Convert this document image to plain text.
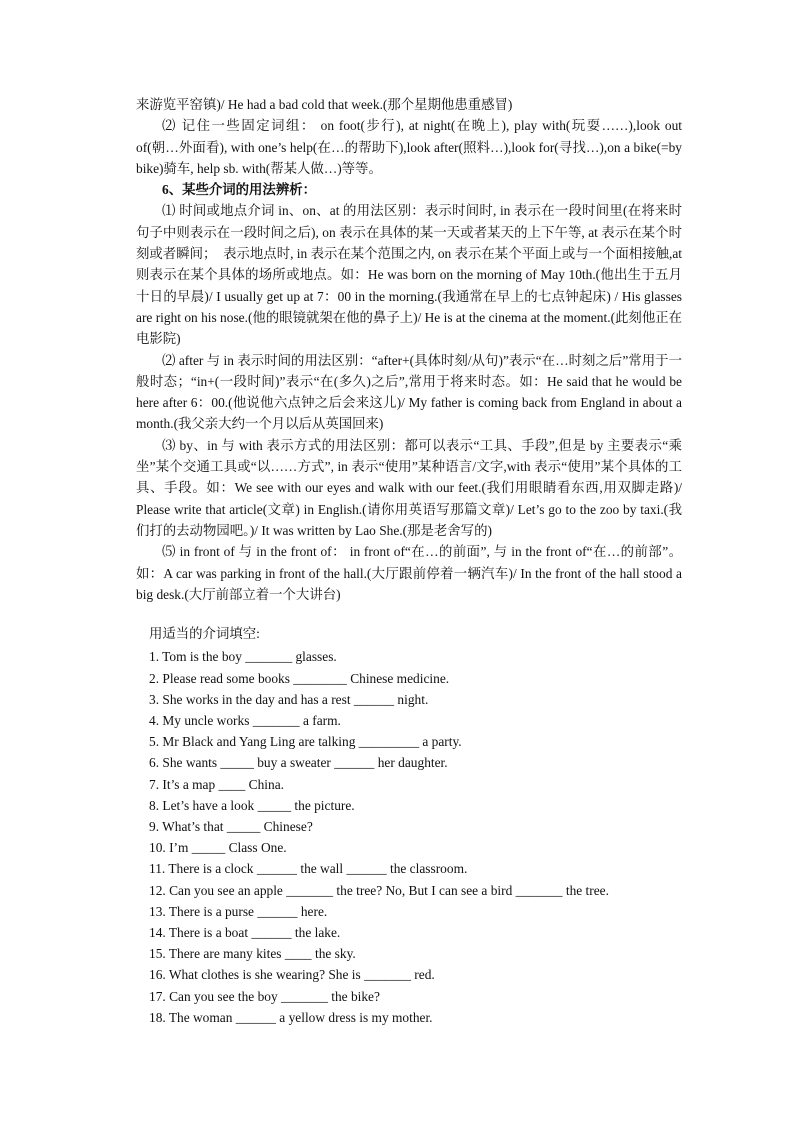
来游览平窑镇)/ He had a bad cold that week.(那个星期他患重感冒)

⑵ 记住一些固定词组： on foot(步行), at night(在晚上), play with(玩耍……),look out of(朝…外面看), with one’s help(在…的帮助下),look after(照料…),look for(寻找…),on a bike(=by bike)骑车, help sb. with(帮某人做…)等等。

6、某些介词的用法辨析：

⑴ 时间或地点介词 in、on、at 的用法区别：表示时间时, in 表示在一段时间里(在将来时句子中则表示在一段时间之后), on 表示在具体的某一天或者某天的上下午等, at 表示在某个时刻或者瞬间；　表示地点时, in 表示在某个范围之内, on 表示在某个平面上或与一个面相接触,at 则表示在某个具体的场所或地点。如：He was born on the morning of May 10th.(他出生于五月十日的早晨)/ I usually get up at 7：00 in the morning.(我通常在早上的七点钟起床) / His glasses are right on his nose.(他的眼镜就架在他的鼻子上)/ He is at the cinema at the moment.(此刻他正在电影院)

⑵ after 与 in 表示时间的用法区别：“after+(具体时刻/从句)”表示“在…时刻之后”常用于一般时态；“in+(一段时间)”表示“在(多久)之后”,常用于将来时态。如：He said that he would be here after 6：00.(他说他六点钟之后会来这儿)/ My father is coming back from England in about a month.(我父亲大约一个月以后从英国回来)

⑶ by、in 与 with 表示方式的用法区别：都可以表示“工具、手段”,但是 by 主要表示“乘坐”某个交通工具或“以……方式”, in 表示“使用”某种语言/文字,with 表示“使用”某个具体的工具、手段。如：We see with our eyes and walk with our feet.(我们用眼睛看东西,用双脚走路)/ Please write that article(文章) in English.(请你用英语写那篇文章)/ Let’s go to the zoo by taxi.(我们打的去动物园吧。)/ It was written by Lao She.(那是老舍写的)

⑸ in front of 与 in the front of： in front of“在…的前面”, 与 in the front of“在…的前部”。如：A car was parking in front of the hall.(大厅跟前停着一辆汽车)/ In the front of the hall stood a big desk.(大厅前部立着一个大讲台)

用适当的介词填空:

1. Tom is the boy _______ glasses.
2. Please read some books ________ Chinese medicine.
3. She works in the day and has a rest ______ night.
4. My uncle works _______ a farm.
5. Mr Black and Yang Ling are talking _________ a party.
6. She wants _____ buy a sweater ______ her daughter.
7. It’s a map ____ China.
8. Let’s have a look _____ the picture.
9. What’s that _____ Chinese?
10. I’m _____ Class One.
11. There is a clock ______ the wall ______ the classroom.
12. Can you see an apple _______ the tree? No, But I can see a bird _______ the tree.
13. There is a purse ______ here.
14. There is a boat ______ the lake.
15. There are many kites ____ the sky.
16. What clothes is she wearing? She is _______ red.
17. Can you see the boy _______ the bike?
18. The woman ______ a yellow dress is my mother.
